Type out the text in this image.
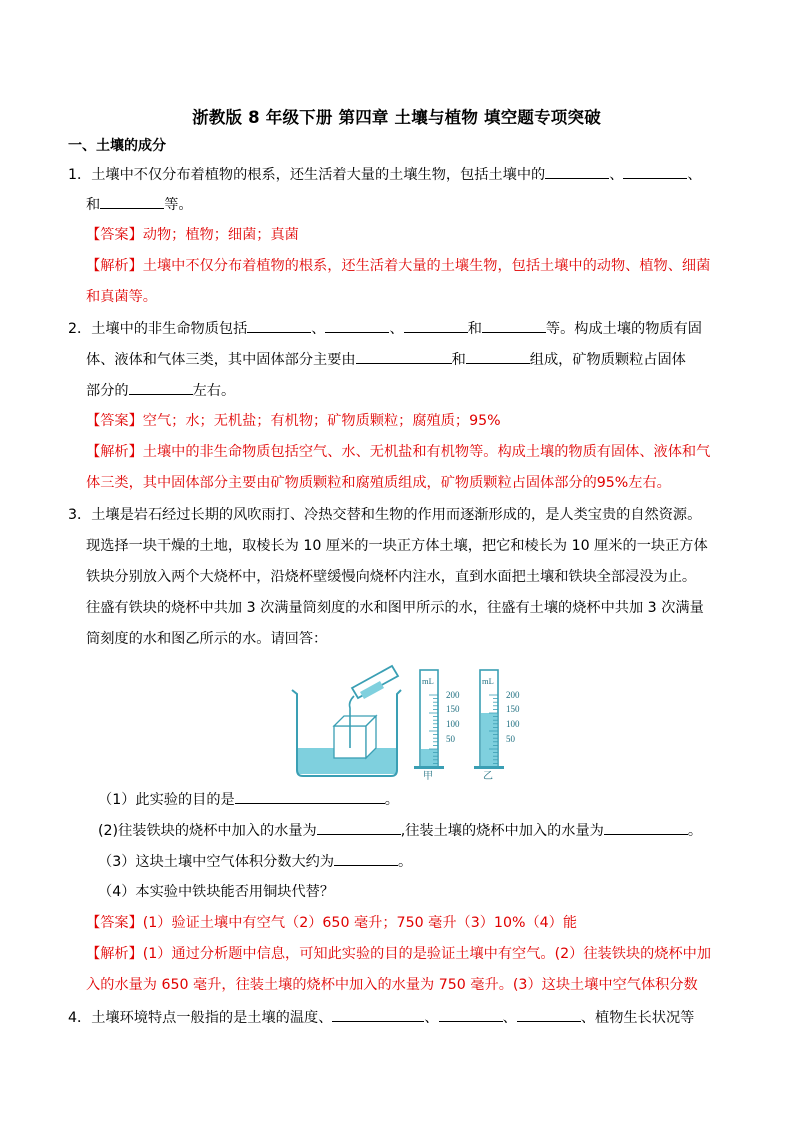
浙教版 8 年级下册 第四章 土壤与植物 填空题专项突破
一、土壤的成分
1．土壤中不仅分布着植物的根系，还生活着大量的土壤生物，包括土壤中的	、	、
和	等。
【答案】动物；植物；细菌；真菌
【解析】土壤中不仅分布着植物的根系，还生活着大量的土壤生物，包括土壤中的动物、植物、细菌
和真菌等。
2．土壤中的非生命物质包括	、	、	和	等。构成土壤的物质有固
体、液体和气体三类，其中固体部分主要由	和	组成，矿物质颗粒占固体
部分的	左右。
【答案】空气；水；无机盐；有机物；矿物质颗粒；腐殖质；95%
【解析】土壤中的非生命物质包括空气、水、无机盐和有机物等。构成土壤的物质有固体、液体和气
体三类，其中固体部分主要由矿物质颗粒和腐殖质组成，矿物质颗粒占固体部分的95%左右。
3．土壤是岩石经过长期的风吹雨打、冷热交替和生物的作用而逐渐形成的，是人类宝贵的自然资源。
现选择一块干燥的土地，取棱长为 10 厘米的一块正方体土壤，把它和棱长为 10 厘米的一块正方体
铁块分别放入两个大烧杯中，沿烧杯壁缓慢向烧杯内注水，直到水面把土壤和铁块全部浸没为止。
往盛有铁块的烧杯中共加 3 次满量筒刻度的水和图甲所示的水，往盛有土壤的烧杯中共加 3 次满量
筒刻度的水和图乙所示的水。请回答：
mL
200
150
100
50
甲
mL
200
150
100
50
乙
（1）此实验的目的是	。
(2)往装铁块的烧杯中加入的水量为	,往装土壤的烧杯中加入的水量为	。
（3）这块土壤中空气体积分数大约为	。
（4）本实验中铁块能否用铜块代替？
【答案】(1）验证土壤中有空气（2）650 毫升；750 毫升（3）10%（4）能
【解析】(1）通过分析题中信息，可知此实验的目的是验证土壤中有空气。(2）往装铁块的烧杯中加
入的水量为 650 毫升，往装土壤的烧杯中加入的水量为 750 毫升。(3）这块土壤中空气体积分数
4．土壤环境特点一般指的是土壤的温度、	、	、	、植物生长状况等
